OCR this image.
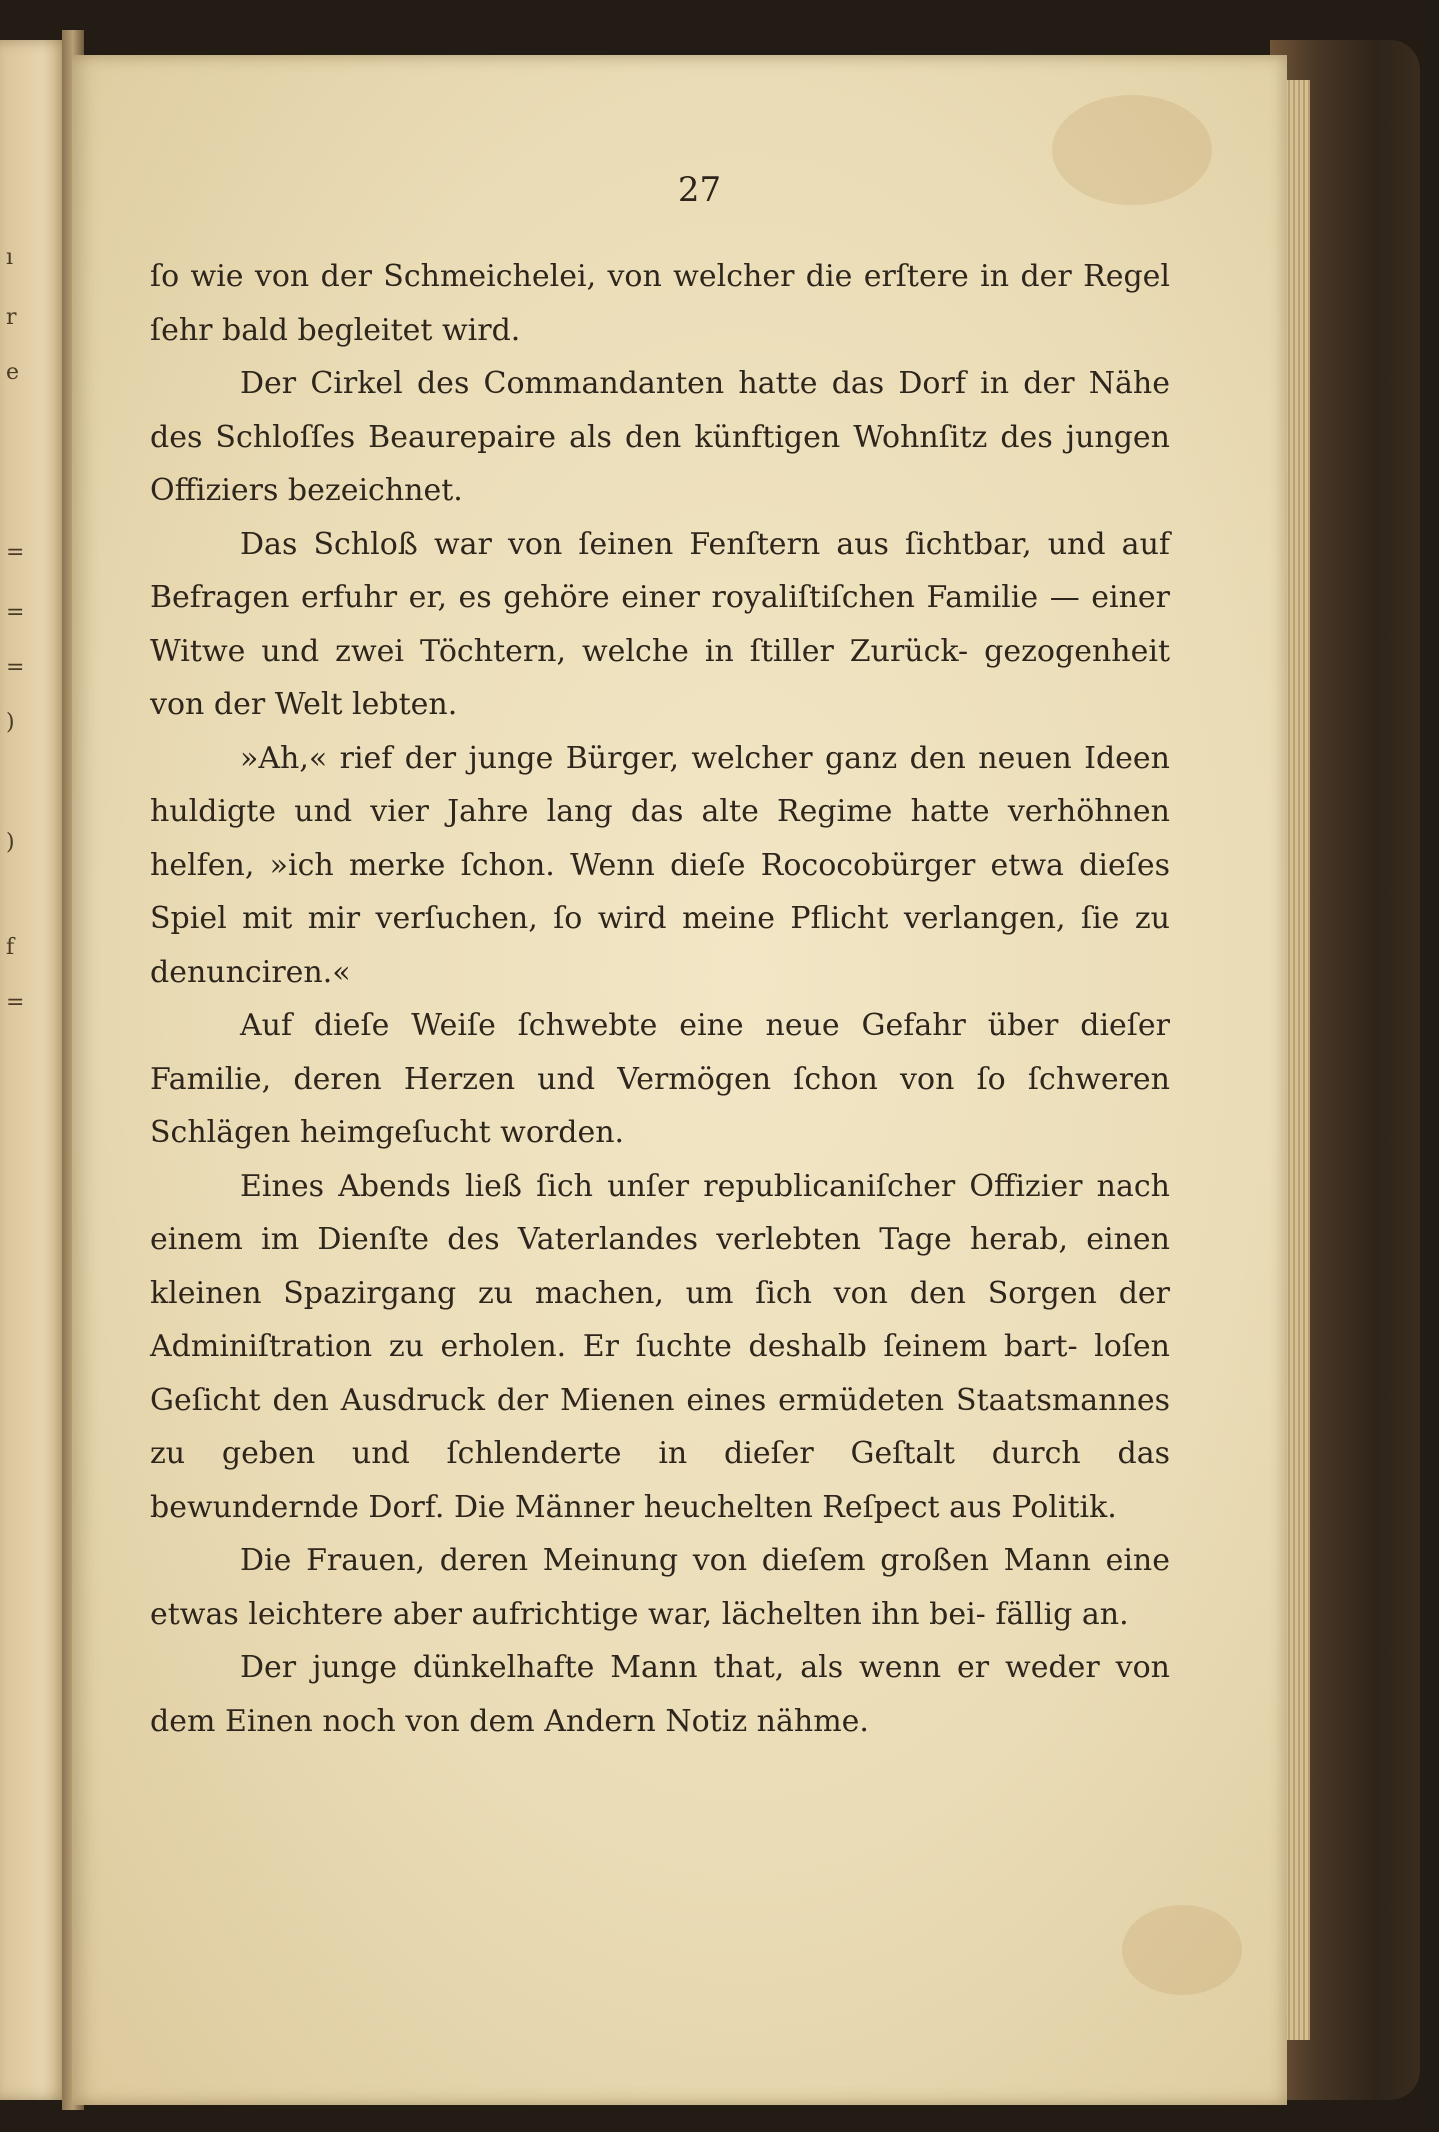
ı
r
e
=
=
=
)
)
f
=
27

ſo wie von der Schmeichelei, von welcher die erſtere in der Regel ſehr bald begleitet wird.

Der Cirkel des Commandanten hatte das Dorf in der Nähe des Schloſſes Beaurepaire als den künftigen Wohnſitz des jungen Offiziers bezeichnet.

Das Schloß war von ſeinen Fenſtern aus ſichtbar, und auf Befragen erfuhr er, es gehöre einer royaliſtiſchen Familie — einer Witwe und zwei Töchtern, welche in ſtiller Zurück- gezogenheit von der Welt lebten.

»Ah,« rief der junge Bürger, welcher ganz den neuen Ideen huldigte und vier Jahre lang das alte Regime hatte verhöhnen helfen, »ich merke ſchon. Wenn dieſe Rococobürger etwa dieſes Spiel mit mir verſuchen, ſo wird meine Pflicht verlangen, ſie zu denunciren.«

Auf dieſe Weiſe ſchwebte eine neue Gefahr über dieſer Familie, deren Herzen und Vermögen ſchon von ſo ſchweren Schlägen heimgeſucht worden.

Eines Abends ließ ſich unſer republicaniſcher Offizier nach einem im Dienſte des Vaterlandes verlebten Tage herab, einen kleinen Spazirgang zu machen, um ſich von den Sorgen der Adminiſtration zu erholen. Er ſuchte deshalb ſeinem bart- loſen Geſicht den Ausdruck der Mienen eines ermüdeten Staatsmannes zu geben und ſchlenderte in dieſer Geſtalt durch das bewundernde Dorf. Die Männer heuchelten Reſpect aus Politik.

Die Frauen, deren Meinung von dieſem großen Mann eine etwas leichtere aber aufrichtige war, lächelten ihn bei- fällig an.

Der junge dünkelhafte Mann that, als wenn er weder von dem Einen noch von dem Andern Notiz nähme.
